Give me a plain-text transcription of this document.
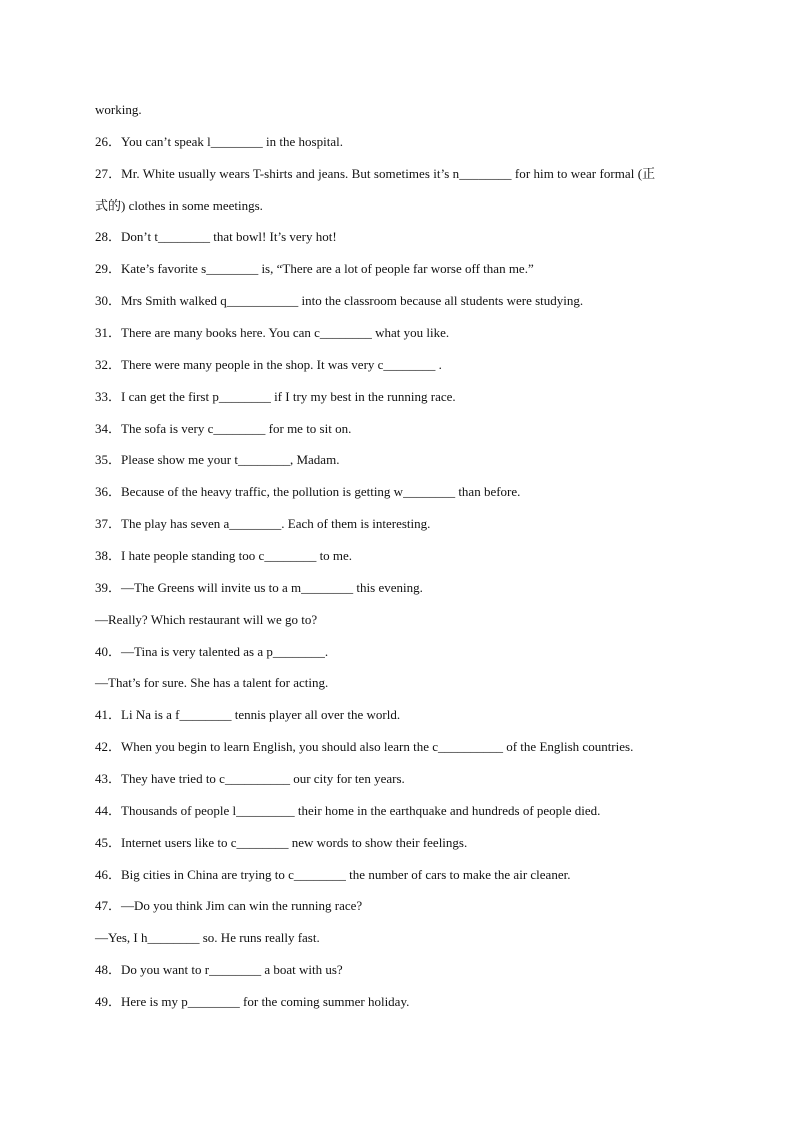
working.
26．You can’t speak l________ in the hospital.
27．Mr. White usually wears T-shirts and jeans. But sometimes it’s n________ for him to wear formal (正
式的) clothes in some meetings.
28．Don’t t________ that bowl! It’s very hot!
29．Kate’s favorite s________ is, “There are a lot of people far worse off than me.”
30．Mrs Smith walked q___________ into the classroom because all students were studying.
31．There are many books here. You can c________ what you like.
32．There were many people in the shop. It was very c________ .
33．I can get the first p________ if I try my best in the running race.
34．The sofa is very c________ for me to sit on.
35．Please show me your t________, Madam.
36．Because of the heavy traffic, the pollution is getting w________ than before.
37．The play has seven a________. Each of them is interesting.
38．I hate people standing too c________ to me.
39．—The Greens will invite us to a m________ this evening.
—Really? Which restaurant will we go to?
40．—Tina is very talented as a p________.
—That’s for sure. She has a talent for acting.
41．Li Na is a f________ tennis player all over the world.
42．When you begin to learn English, you should also learn the c__________ of the English countries.
43．They have tried to c__________ our city for ten years.
44．Thousands of people l_________ their home in the earthquake and hundreds of people died.
45．Internet users like to c________ new words to show their feelings.
46．Big cities in China are trying to c________ the number of cars to make the air cleaner.
47．—Do you think Jim can win the running race?
—Yes, I h________ so. He runs really fast.
48．Do you want to r________ a boat with us?
49．Here is my p________ for the coming summer holiday.
